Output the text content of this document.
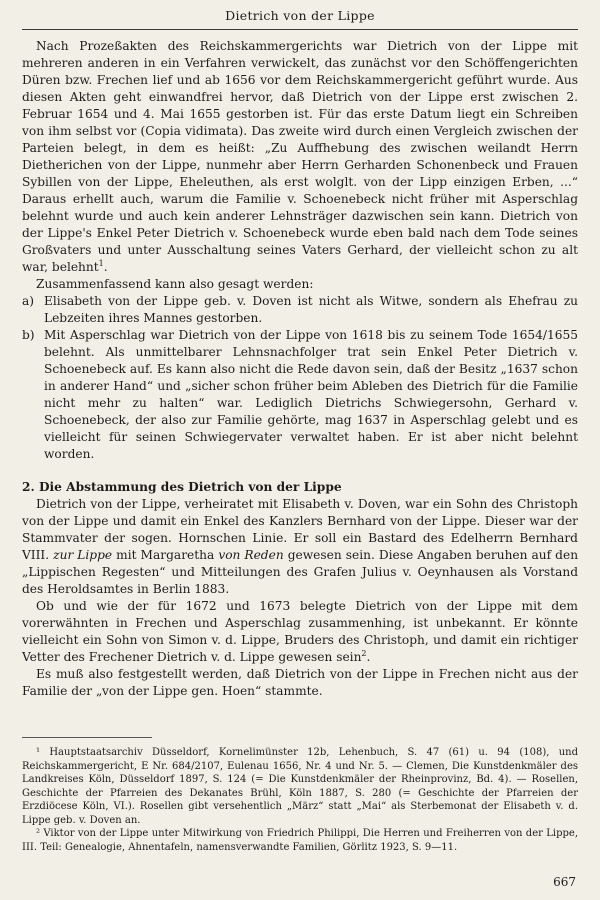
Dietrich von der Lippe

Nach Prozeßakten des Reichskammergerichts war Dietrich von der Lippe mit mehreren anderen in ein Verfahren verwickelt, das zunächst vor den Schöffengerichten Düren bzw. Frechen lief und ab 1656 vor dem Reichskammergericht geführt wurde. Aus diesen Akten geht einwandfrei hervor, daß Dietrich von der Lippe erst zwischen 2. Februar 1654 und 4. Mai 1655 gestorben ist. Für das erste Datum liegt ein Schreiben von ihm selbst vor (Copia vidimata). Das zweite wird durch einen Vergleich zwischen der Parteien belegt, in dem es heißt: „Zu Auffhebung des zwischen weilandt Herrn Dietherichen von der Lippe, nunmehr aber Herrn Gerharden Schonenbeck und Frauen Sybillen von der Lippe, Eheleuthen, als erst wolglt. von der Lipp einzigen Erben, ...“ Daraus erhellt auch, warum die Familie v. Schoenebeck nicht früher mit Asperschlag belehnt wurde und auch kein anderer Lehnsträger dazwischen sein kann. Dietrich von der Lippe's Enkel Peter Dietrich v. Schoenebeck wurde eben bald nach dem Tode seines Großvaters und unter Ausschaltung seines Vaters Gerhard, der vielleicht schon zu alt war, belehnt$^1$.

Zusammenfassend kann also gesagt werden:

a) Elisabeth von der Lippe geb. v. Doven ist nicht als Witwe, sondern als Ehefrau zu Lebzeiten ihres Mannes gestorben.
b) Mit Asperschlag war Dietrich von der Lippe von 1618 bis zu seinem Tode 1654/1655 belehnt. Als unmittelbarer Lehnsnachfolger trat sein Enkel Peter Dietrich v. Schoenebeck auf. Es kann also nicht die Rede davon sein, daß der Besitz „1637 schon in anderer Hand“ und „sicher schon früher beim Ableben des Dietrich für die Familie nicht mehr zu halten“ war. Lediglich Dietrichs Schwiegersohn, Gerhard v. Schoenebeck, der also zur Familie gehörte, mag 1637 in Asperschlag gelebt und es vielleicht für seinen Schwiegervater verwaltet haben. Er ist aber nicht belehnt worden.

2. Die Abstammung des Dietrich von der Lippe

Dietrich von der Lippe, verheiratet mit Elisabeth v. Doven, war ein Sohn des Christoph von der Lippe und damit ein Enkel des Kanzlers Bernhard von der Lippe. Dieser war der Stammvater der sogen. Hornschen Linie. Er soll ein Bastard des Edelherrn Bernhard VIII. zur Lippe mit Margaretha von Reden gewesen sein. Diese Angaben beruhen auf den „Lippischen Regesten“ und Mitteilungen des Grafen Julius v. Oeynhausen als Vorstand des Heroldsamtes in Berlin 1883.

Ob und wie der für 1672 und 1673 belegte Dietrich von der Lippe mit dem vorerwähnten in Frechen und Asperschlag zusammenhing, ist unbekannt. Er könnte vielleicht ein Sohn von Simon v. d. Lippe, Bruders des Christoph, und damit ein richtiger Vetter des Frechener Dietrich v. d. Lippe gewesen sein$^2$.

Es muß also festgestellt werden, daß Dietrich von der Lippe in Frechen nicht aus der Familie der „von der Lippe gen. Hoen“ stammte.

¹ Hauptstaatsarchiv Düsseldorf, Kornelimünster 12b, Lehenbuch, S. 47 (61) u. 94 (108), und Reichskammergericht, E Nr. 684/2107, Eulenau 1656, Nr. 4 und Nr. 5. — Clemen, Die Kunstdenkmäler des Landkreises Köln, Düsseldorf 1897, S. 124 (= Die Kunstdenkmäler der Rheinprovinz, Bd. 4). — Rosellen, Geschichte der Pfarreien des Dekanates Brühl, Köln 1887, S. 280 (= Geschichte der Pfarreien der Erzdiöcese Köln, VI.). Rosellen gibt versehentlich „März“ statt „Mai“ als Sterbemonat der Elisabeth v. d. Lippe geb. v. Doven an.

² Viktor von der Lippe unter Mitwirkung von Friedrich Philippi, Die Herren und Freiherren von der Lippe, III. Teil: Genealogie, Ahnentafeln, namensverwandte Familien, Görlitz 1923, S. 9—11.

667
